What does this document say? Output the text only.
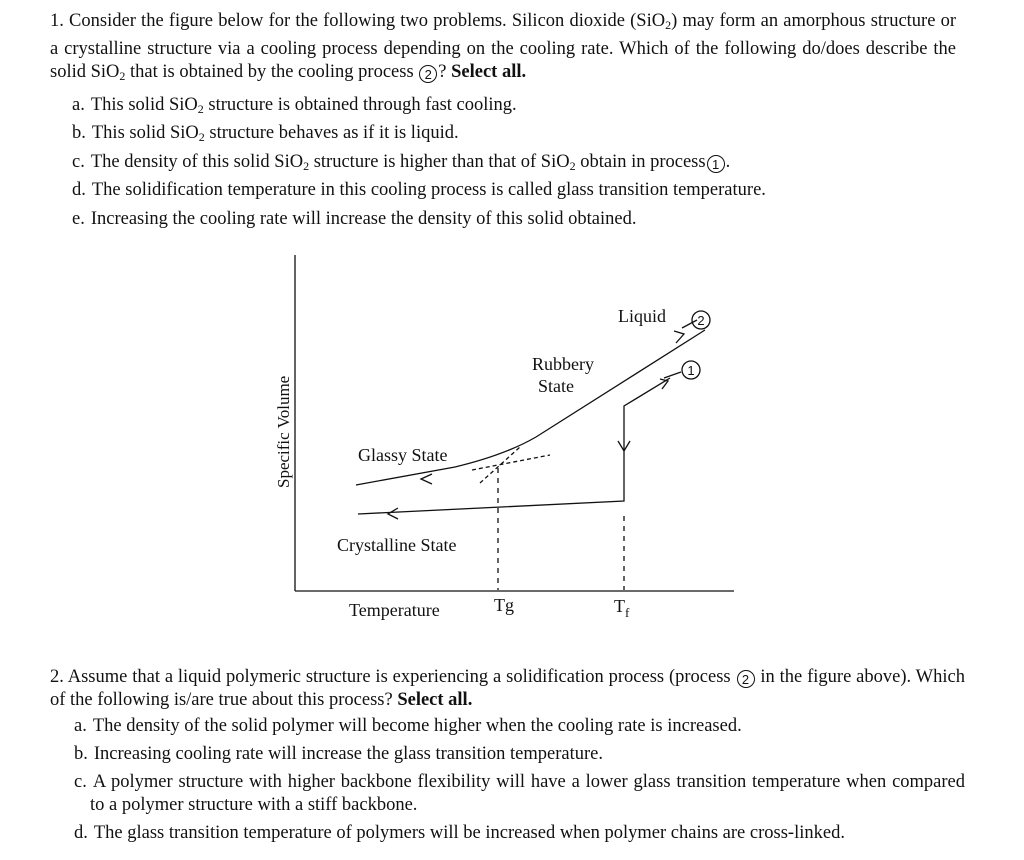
1. Consider the figure below for the following two problems. Silicon dioxide (SiO$_2$) may form an amorphous structure or a crystalline structure via a cooling process depending on the cooling rate. Which of the following do/does describe the solid SiO$_2$ that is obtained by the cooling process 2 ? Select all.
a. This solid SiO$_2$ structure is obtained through fast cooling.
b. This solid SiO$_2$ structure behaves as if it is liquid.
c. The density of this solid SiO$_2$ structure is higher than that of SiO$_2$ obtain in process 1 .
d. The solidification temperature in this cooling process is called glass transition temperature.
e. Increasing the cooling rate will increase the density of this solid obtained.
2
1
Liquid
Rubbery
State
Glassy State
Crystalline State
Temperature	Tg	$T_f$
Specific Volume
2. Assume that a liquid polymeric structure is experiencing a solidification process (process 2 in the figure above). Which of the following is/are true about this process? Select all.
a. The density of the solid polymer will become higher when the cooling rate is increased.
b. Increasing cooling rate will increase the glass transition temperature.
c. A polymer structure with higher backbone flexibility will have a lower glass transition temperature when compared to a polymer structure with a stiff backbone.
d. The glass transition temperature of polymers will be increased when polymer chains are cross-linked.
